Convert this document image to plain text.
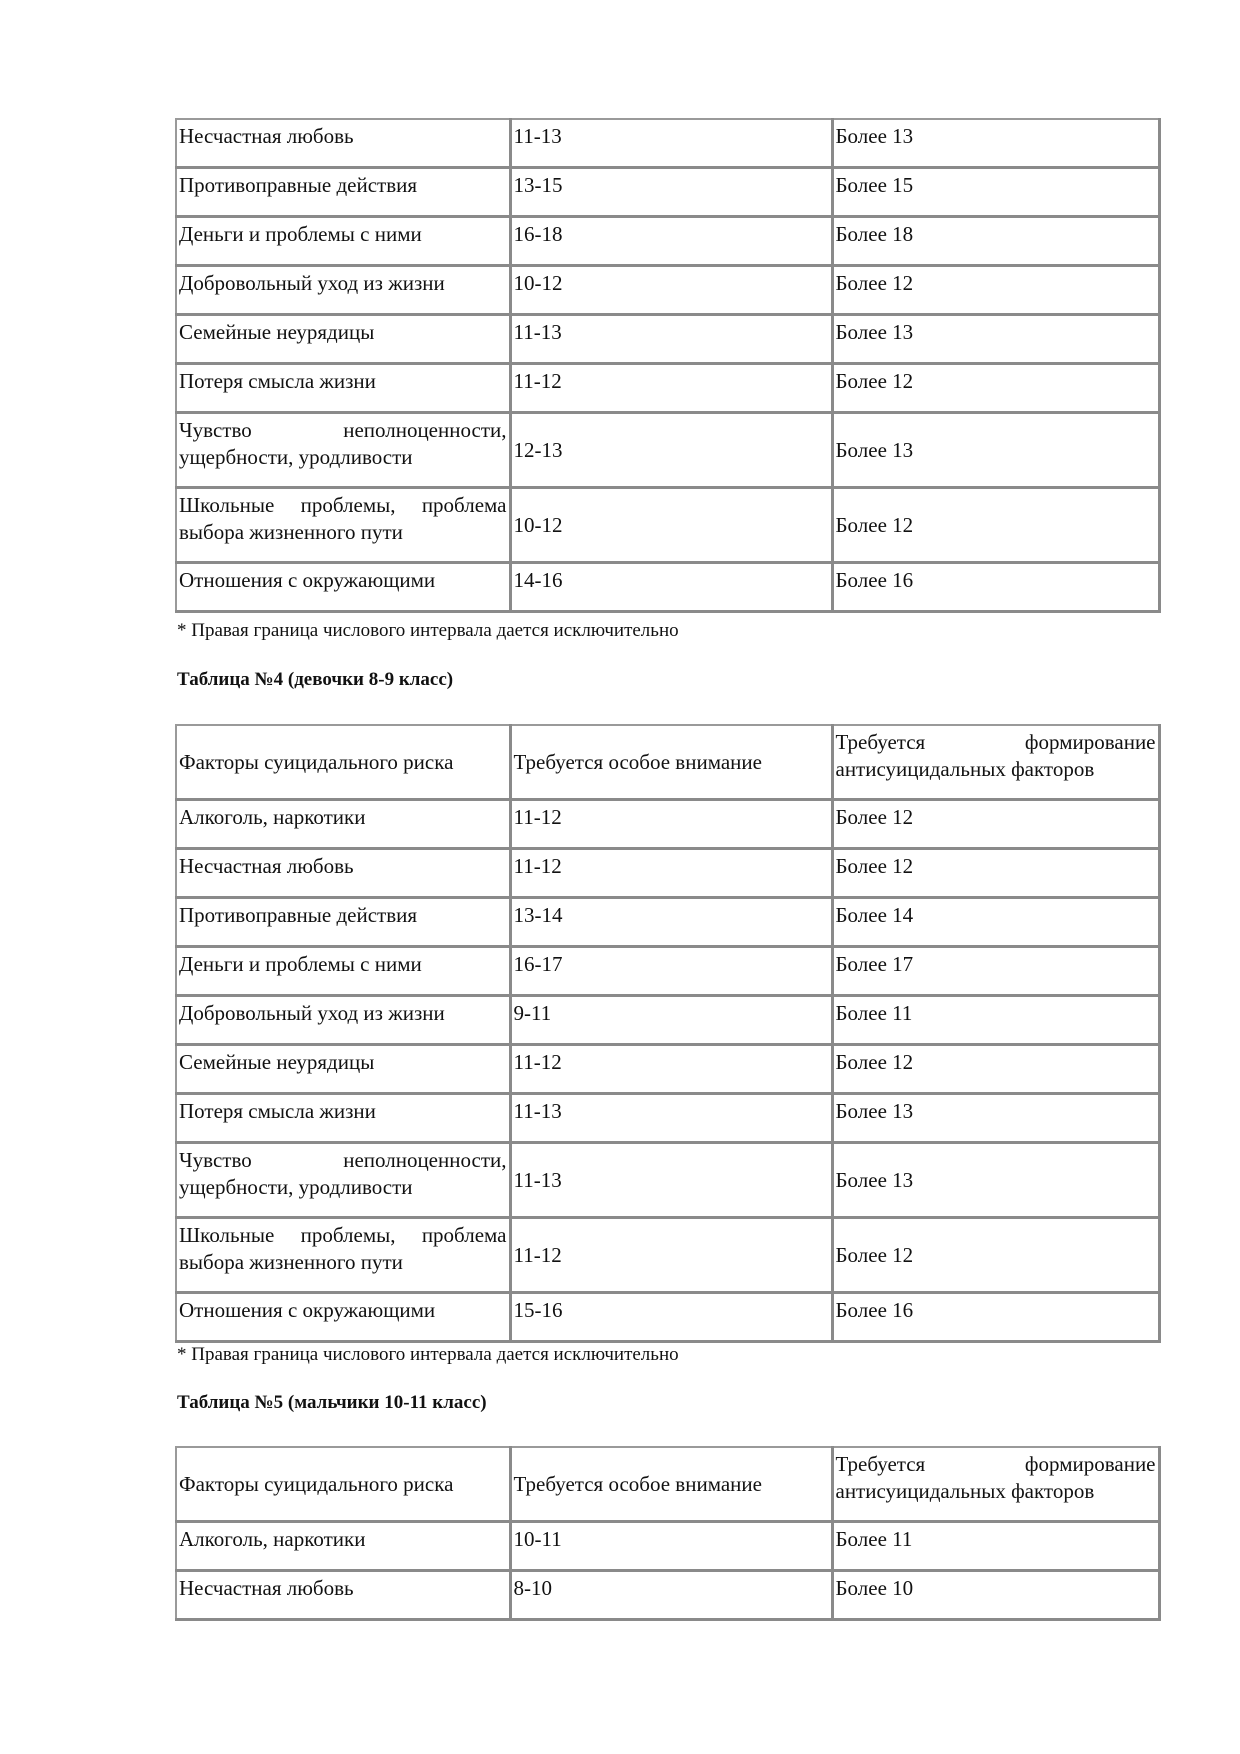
Несчастная любовь	11-13	Более 13
Противоправные действия	13-15	Более 15
Деньги и проблемы с ними	16-18	Более 18
Добровольный уход из жизни	10-12	Более 12
Семейные неурядицы	11-13	Более 13
Потеря смысла жизни	11-12	Более 12
Чувство неполноценности, ущербности, уродливости	12-13	Более 13
Школьные проблемы, проблема выбора жизненного пути	10-12	Более 12
Отношения с окружающими	14-16	Более 16
* Правая граница числового интервала дается исключительно
Таблица №4 (девочки 8-9 класс)
Факторы суицидального риска	Требуется особое внимание	Требуется формирование антисуицидальных факторов
Алкоголь, наркотики	11-12	Более 12
Несчастная любовь	11-12	Более 12
Противоправные действия	13-14	Более 14
Деньги и проблемы с ними	16-17	Более 17
Добровольный уход из жизни	9-11	Более 11
Семейные неурядицы	11-12	Более 12
Потеря смысла жизни	11-13	Более 13
Чувство неполноценности, ущербности, уродливости	11-13	Более 13
Школьные проблемы, проблема выбора жизненного пути	11-12	Более 12
Отношения с окружающими	15-16	Более 16
* Правая граница числового интервала дается исключительно
Таблица №5 (мальчики 10-11 класс)
Факторы суицидального риска	Требуется особое внимание	Требуется формирование антисуицидальных факторов
Алкоголь, наркотики	10-11	Более 11
Несчастная любовь	8-10	Более 10
